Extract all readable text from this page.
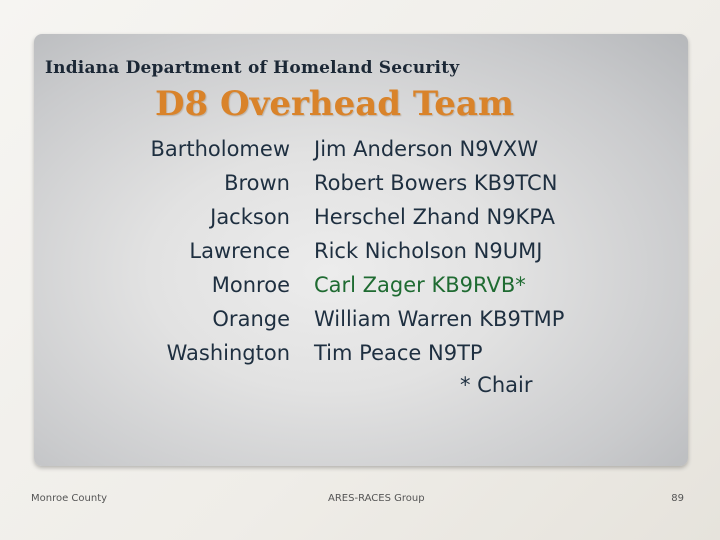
Indiana Department of Homeland Security
D8 Overhead Team
Bartholomew Jim Anderson N9VXW
Brown Robert Bowers KB9TCN
Jackson Herschel Zhand N9KPA
Lawrence Rick Nicholson N9UMJ
Monroe Carl Zager KB9RVB*
Orange William Warren KB9TMP
Washington Tim Peace N9TP
* Chair
Monroe County	ARES-RACES Group	89
